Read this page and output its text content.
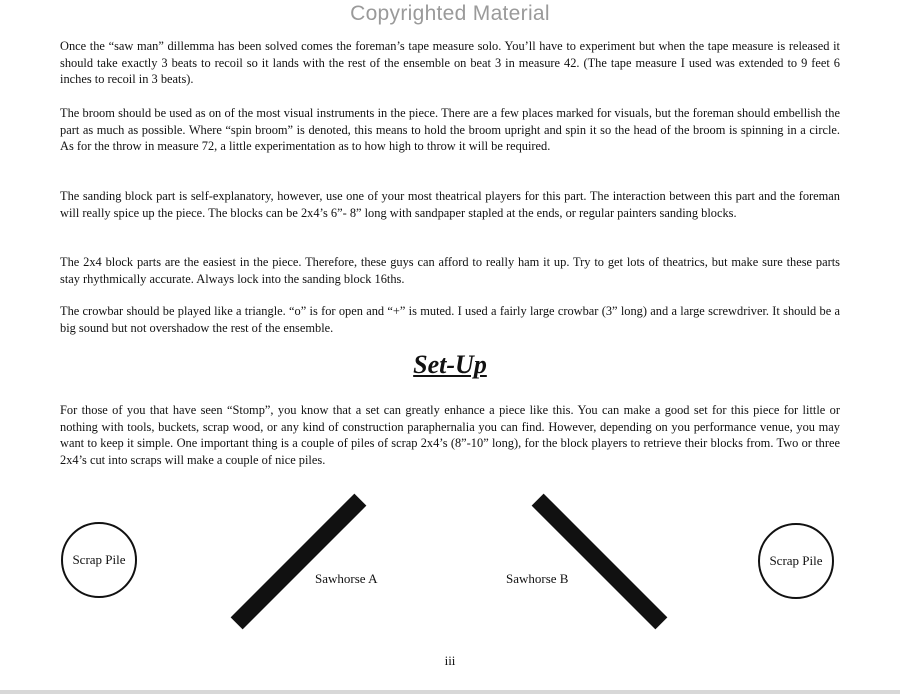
Copyrighted Material

Once the “saw man” dillemma has been solved comes the foreman’s tape measure solo. You’ll have to experiment but when the tape measure is released it should take exactly 3 beats to recoil so it lands with the rest of the ensemble on beat 3 in measure 42. (The tape measure I used was extended to 9 feet 6 inches to recoil in 3 beats).

The broom should be used as on of the most visual instruments in the piece. There are a few places marked for visuals, but the foreman should embellish the part as much as possible. Where “spin broom” is denoted, this means to hold the broom upright and spin it so the head of the broom is spinning in a circle. As for the throw in measure 72, a little experimentation as to how high to throw it will be required.

The sanding block part is self-explanatory, however, use one of your most theatrical players for this part. The interaction between this part and the foreman will really spice up the piece. The blocks can be 2x4’s 6”- 8” long with sandpaper stapled at the ends, or regular painters sanding blocks.

The 2x4 block parts are the easiest in the piece. Therefore, these guys can afford to really ham it up. Try to get lots of theatrics, but make sure these parts stay rhythmically accurate. Always lock into the sanding block 16ths.

The crowbar should be played like a triangle. “o” is for open and “+” is muted. I used a fairly large crowbar (3” long) and a large screwdriver. It should be a big sound but not overshadow the rest of the ensemble.

Set-Up

For those of you that have seen “Stomp”, you know that a set can greatly enhance a piece like this. You can make a good set for this piece for little or nothing with tools, buckets, scrap wood, or any kind of construction paraphernalia you can find. However, depending on you performance venue, you may want to keep it simple. One important thing is a couple of piles of scrap 2x4’s (8”-10” long), for the block players to retrieve their blocks from. Two or three 2x4’s cut into scraps will make a couple of nice piles.

Scrap Pile
Sawhorse A	Sawhorse B
Scrap Pile
iii
